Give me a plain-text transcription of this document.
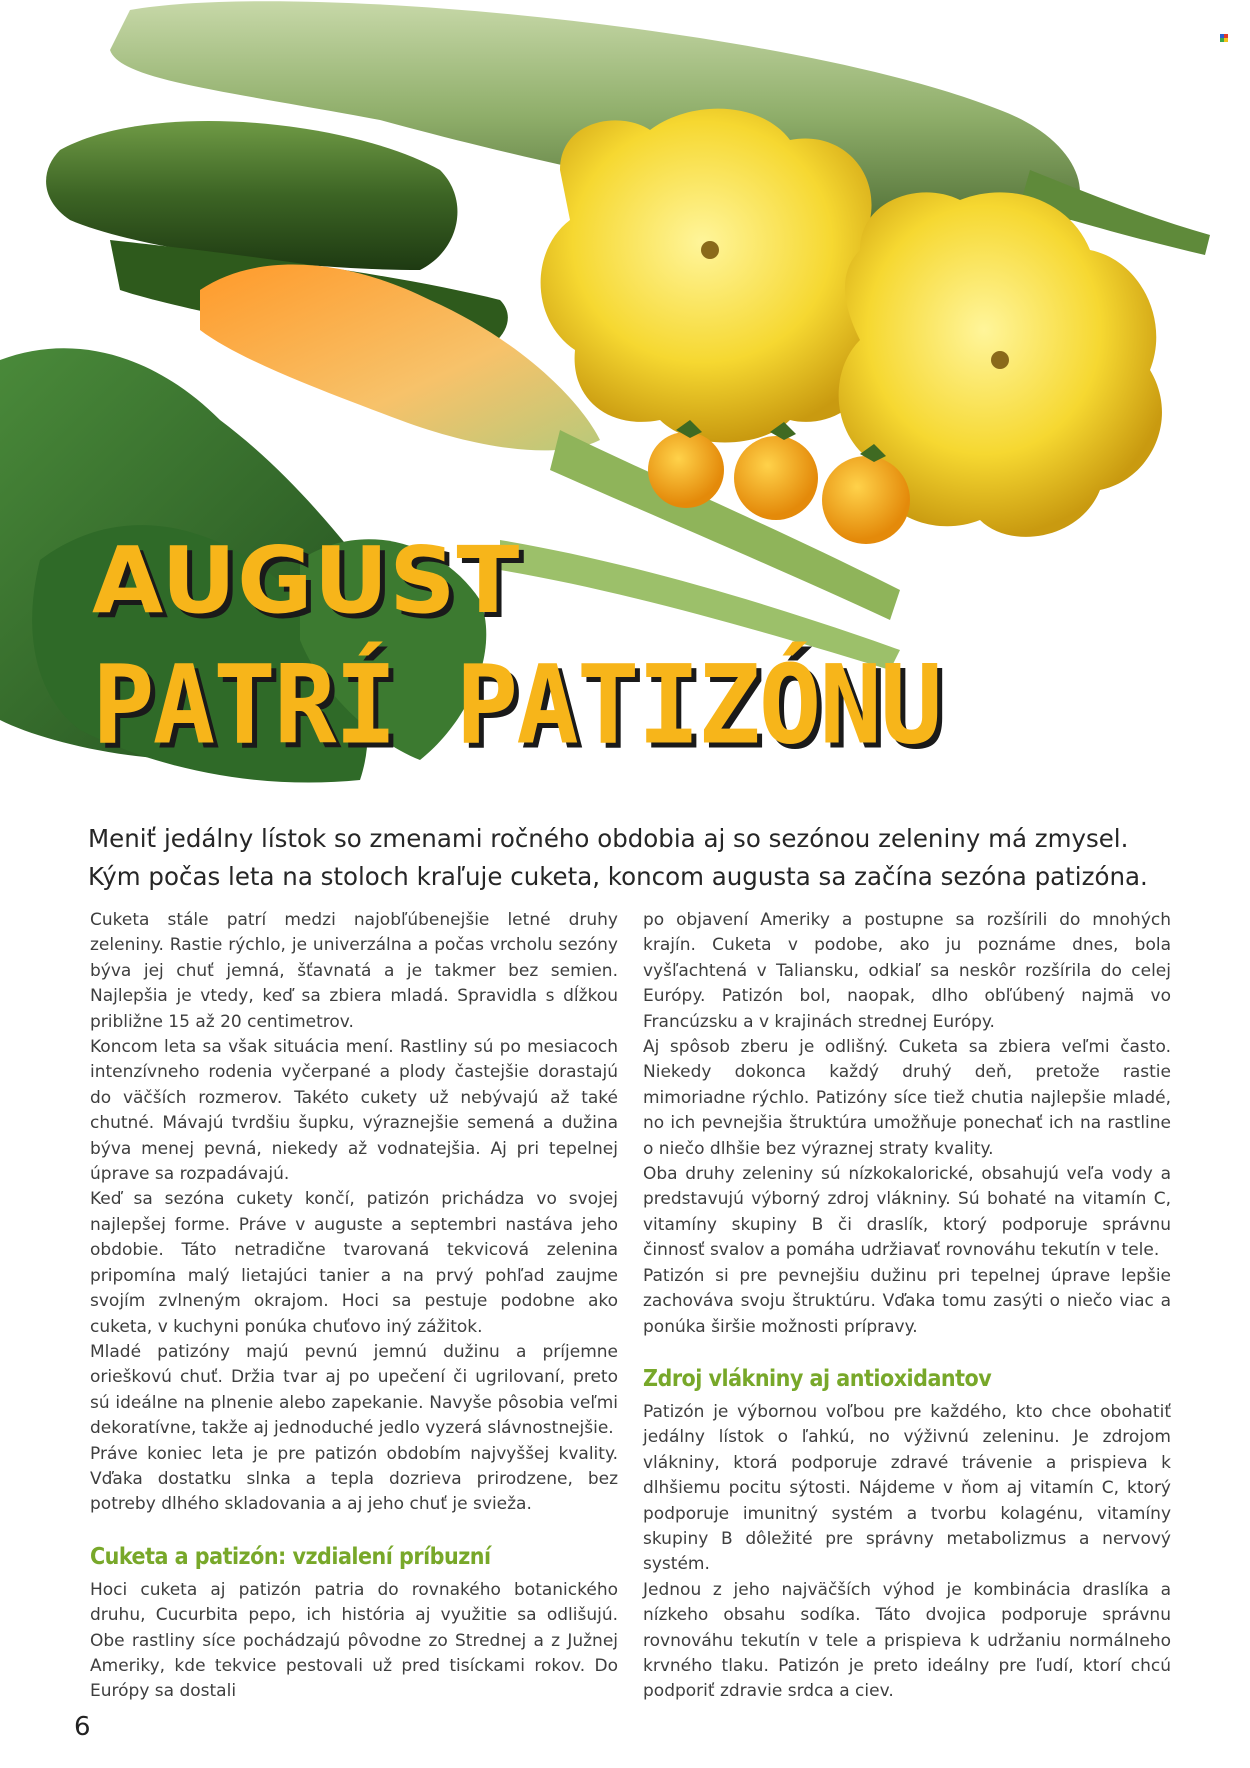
AUGUST
PATRÍ PATIZÓNU

Meniť jedálny lístok so zmenami ročného obdobia aj so sezónou zeleniny má zmysel. Kým počas leta na stoloch kraľuje cuketa, koncom augusta sa začína sezóna patizóna.

Cuketa stále patrí medzi najobľúbenejšie letné druhy zeleniny. Rastie rýchlo, je univerzálna a počas vrcholu sezóny býva jej chuť jemná, šťavnatá a je takmer bez semien. Najlepšia je vtedy, keď sa zbiera mladá. Spravidla s dĺžkou približne 15 až 20 centimetrov.

Koncom leta sa však situácia mení. Rastliny sú po mesiacoch intenzívneho rodenia vyčerpané a plody častejšie dorastajú do väčších rozmerov. Takéto cukety už nebývajú až také chutné. Mávajú tvrdšiu šupku, výraznejšie semená a dužina býva menej pevná, niekedy až vodnatejšia. Aj pri tepelnej úprave sa rozpadávajú.

Keď sa sezóna cukety končí, patizón prichádza vo svojej najlepšej forme. Práve v auguste a septembri nastáva jeho obdobie. Táto netradične tvarovaná tekvicová zelenina pripomína malý lietajúci tanier a na prvý pohľad zaujme svojím zvlneným okrajom. Hoci sa pestuje podobne ako cuketa, v kuchyni ponúka chuťovo iný zážitok.

Mladé patizóny majú pevnú jemnú dužinu a príjemne orieškovú chuť. Držia tvar aj po upečení či ugrilovaní, preto sú ideálne na plnenie alebo zapekanie. Navyše pôsobia veľmi dekoratívne, takže aj jednoduché jedlo vyzerá slávnostnejšie.

Práve koniec leta je pre patizón obdobím najvyššej kvality. Vďaka dostatku slnka a tepla dozrieva prirodzene, bez potreby dlhého skladovania a aj jeho chuť je svieža.

Cuketa a patizón: vzdialení príbuzní

Hoci cuketa aj patizón patria do rovnakého botanického druhu, Cucurbita pepo, ich história aj využitie sa odlišujú. Obe rastliny síce pochádzajú pôvodne zo Strednej a z Južnej Ameriky, kde tekvice pestovali už pred tisíckami rokov. Do Európy sa dostali

po objavení Ameriky a postupne sa rozšírili do mnohých krajín. Cuketa v podobe, ako ju poznáme dnes, bola vyšľachtená v Taliansku, odkiaľ sa neskôr rozšírila do celej Európy. Patizón bol, naopak, dlho obľúbený najmä vo Francúzsku a v krajinách strednej Európy.

Aj spôsob zberu je odlišný. Cuketa sa zbiera veľmi často. Niekedy dokonca každý druhý deň, pretože rastie mimoriadne rýchlo. Patizóny síce tiež chutia najlepšie mladé, no ich pevnejšia štruktúra umožňuje ponechať ich na rastline o niečo dlhšie bez výraznej straty kvality.

Oba druhy zeleniny sú nízkokalorické, obsahujú veľa vody a predstavujú výborný zdroj vlákniny. Sú bohaté na vitamín C, vitamíny skupiny B či draslík, ktorý podporuje správnu činnosť svalov a pomáha udržiavať rovnováhu tekutín v tele.

Patizón si pre pevnejšiu dužinu pri tepelnej úprave lepšie zachováva svoju štruktúru. Vďaka tomu zasýti o niečo viac a ponúka širšie možnosti prípravy.

Zdroj vlákniny aj antioxidantov

Patizón je výbornou voľbou pre každého, kto chce obohatiť jedálny lístok o ľahkú, no výživnú zeleninu. Je zdrojom vlákniny, ktorá podporuje zdravé trávenie a prispieva k dlhšiemu pocitu sýtosti. Nájdeme v ňom aj vitamín C, ktorý podporuje imunitný systém a tvorbu kolagénu, vitamíny skupiny B dôležité pre správny metabolizmus a nervový systém.

Jednou z jeho najväčších výhod je kombinácia draslíka a nízkeho obsahu sodíka. Táto dvojica podporuje správnu rovnováhu tekutín v tele a prispieva k udržaniu normálneho krvného tlaku. Patizón je preto ideálny pre ľudí, ktorí chcú podporiť zdravie srdca a ciev.

6
